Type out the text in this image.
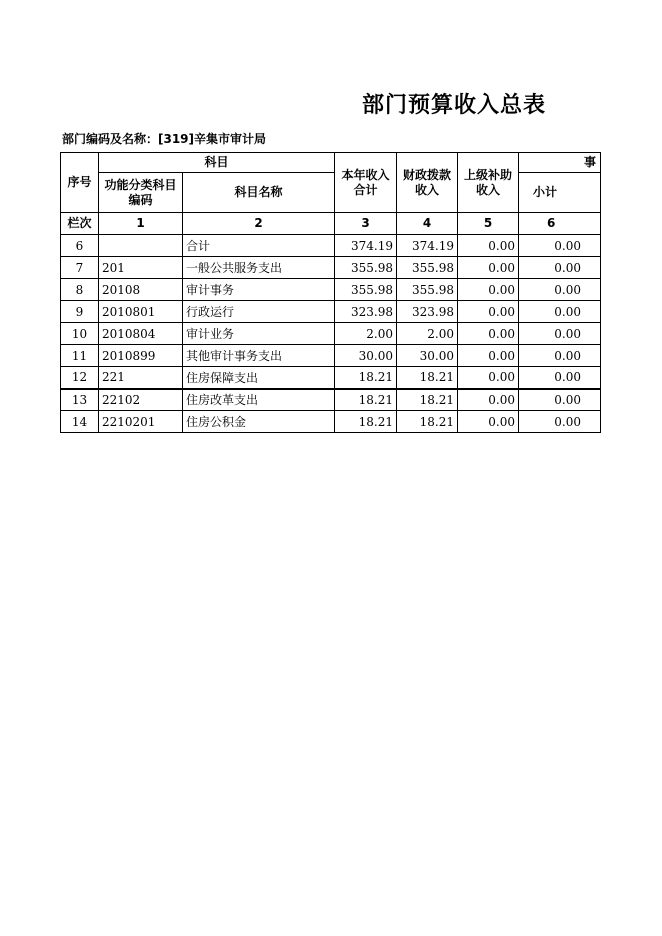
部门预算收入总表
部门编码及名称：[319]辛集市审计局
序号	科目		本年收入合计	财政拨款收入	上级补助收入	事
	功能分类科目编码	科目名称				小计
栏次	1	2	3	4	5	6
6		合计	374.19	374.19	0.00	0.00
7	201	一般公共服务支出	355.98	355.98	0.00	0.00
8	20108	审计事务	355.98	355.98	0.00	0.00
9	2010801	行政运行	323.98	323.98	0.00	0.00
10	2010804	审计业务	2.00	2.00	0.00	0.00
11	2010899	其他审计事务支出	30.00	30.00	0.00	0.00
12	221	住房保障支出	18.21	18.21	0.00	0.00
13	22102	住房改革支出	18.21	18.21	0.00	0.00
14	2210201	住房公积金	18.21	18.21	0.00	0.00
